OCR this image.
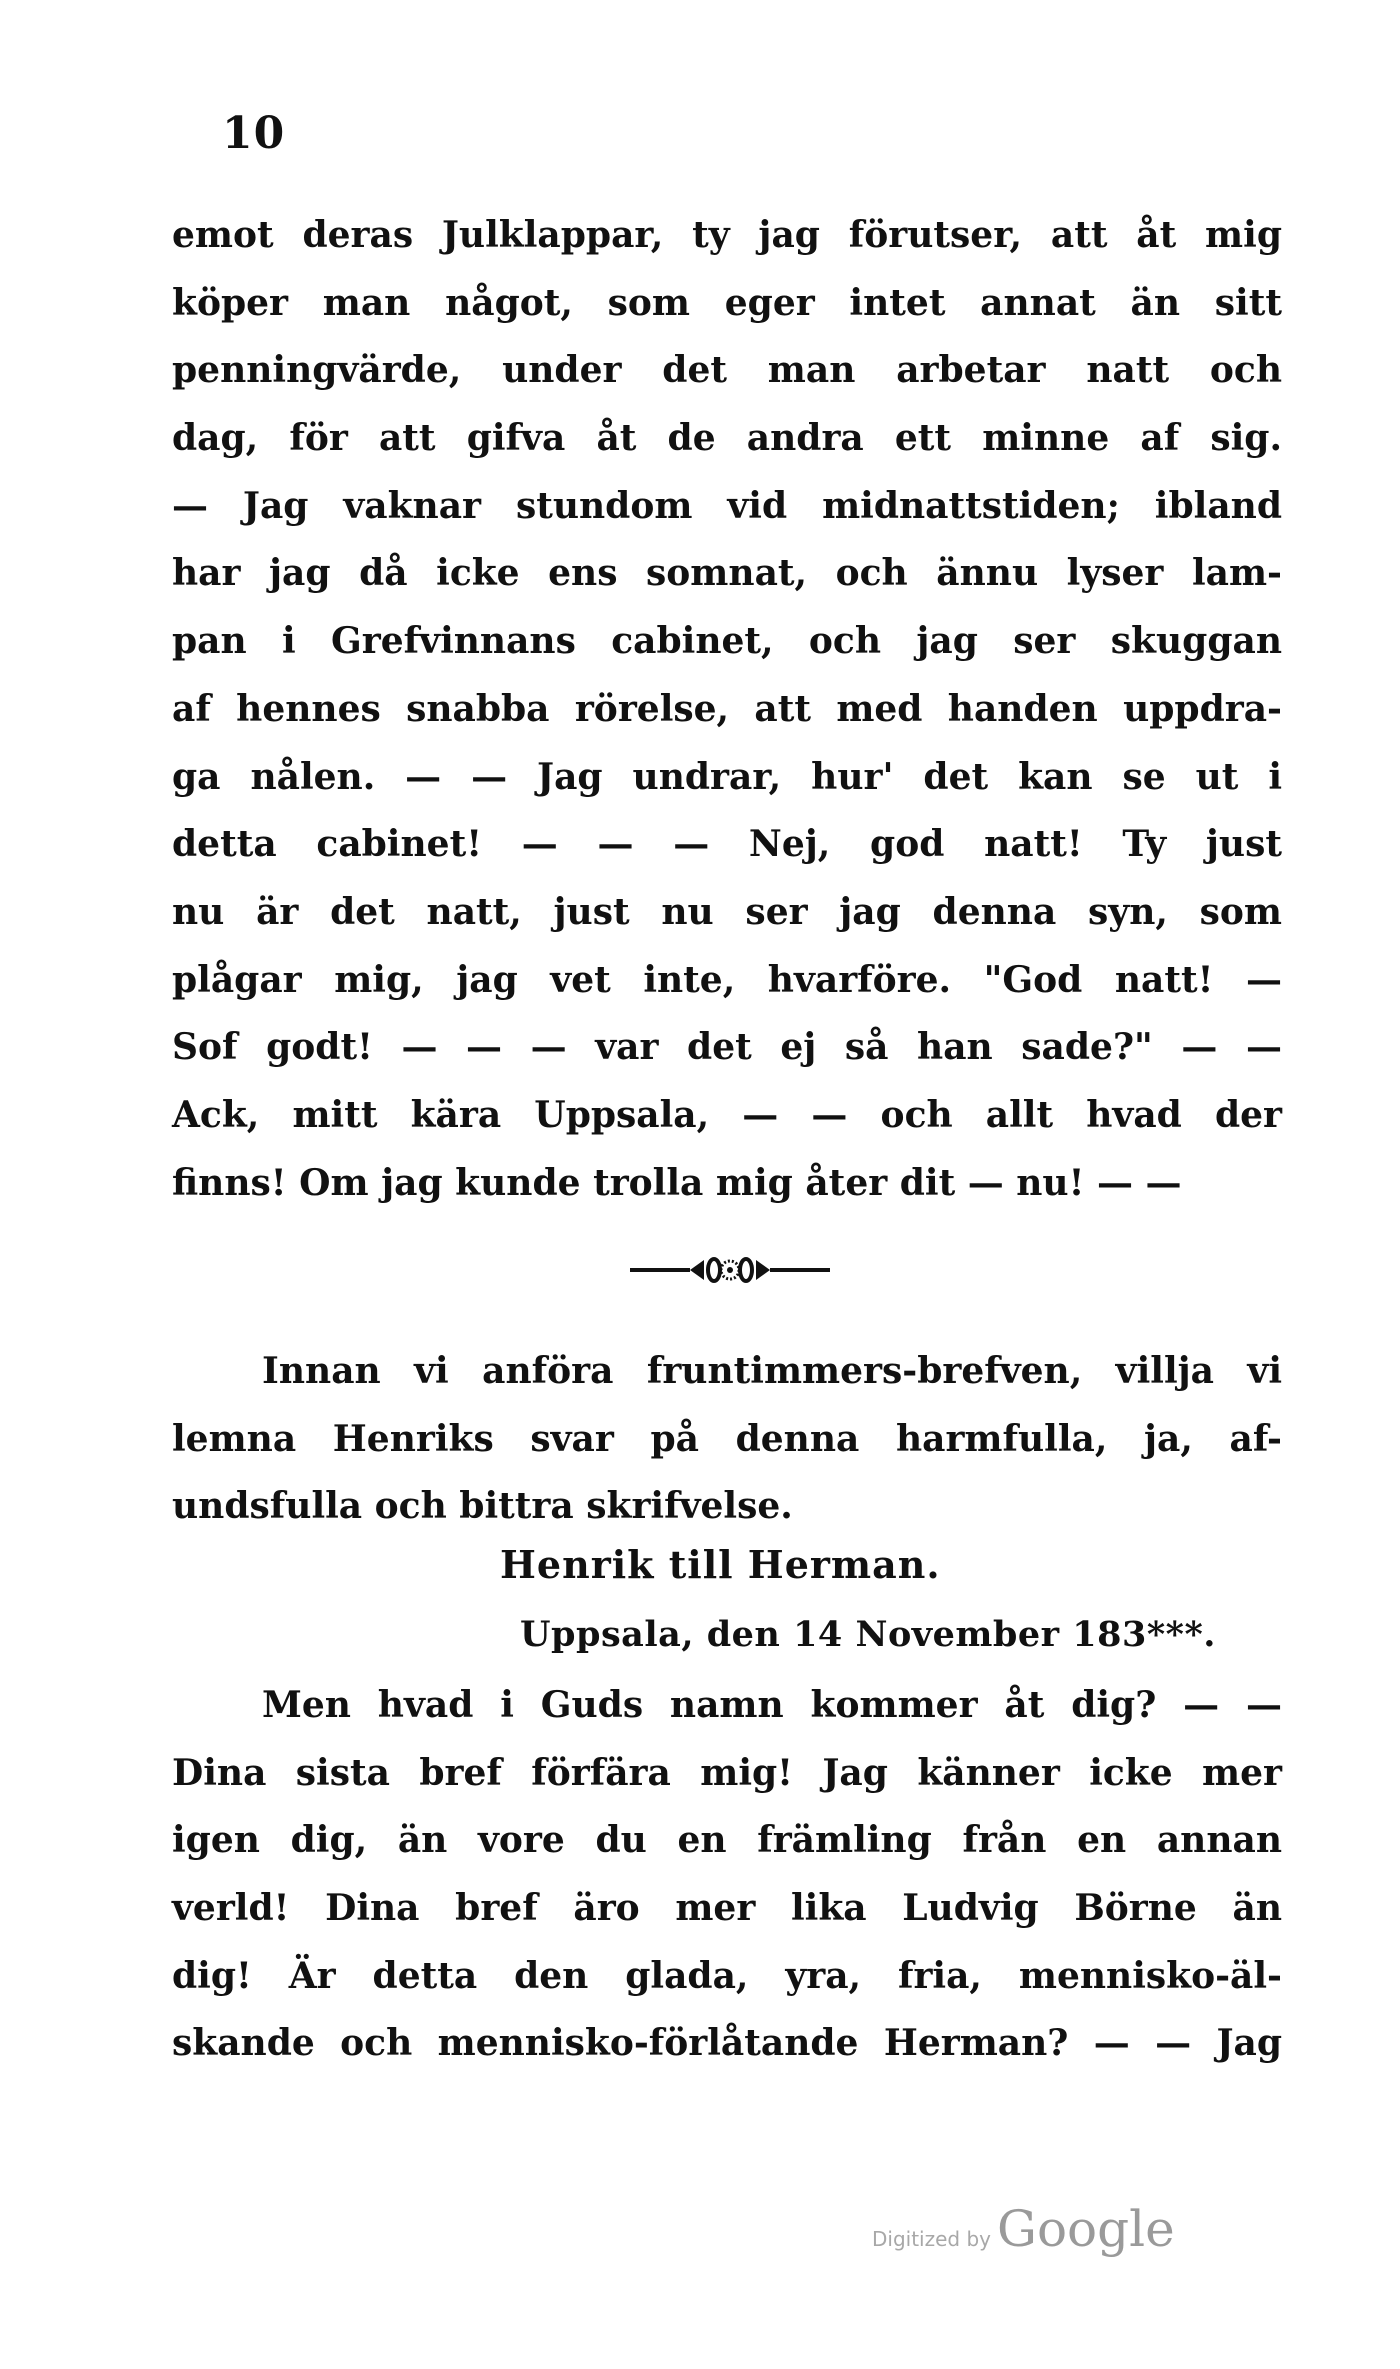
10
emot deras Julklappar, ty jag förutser, att åt mig
köper man något, som eger intet annat än sitt
penningvärde, under det man arbetar natt och
dag, för att gifva åt de andra ett minne af sig.
— Jag vaknar stundom vid midnattstiden; ibland
har jag då icke ens somnat, och ännu lyser lam-
pan i Grefvinnans cabinet, och jag ser skuggan
af hennes snabba rörelse, att med handen uppdra-
ga nålen. — — Jag undrar, hur' det kan se ut i
detta cabinet! — — — Nej, god natt! Ty just
nu är det natt, just nu ser jag denna syn, som
plågar mig, jag vet inte, hvarföre. "God natt! —
Sof godt! — — — var det ej så han sade?" — —
Ack, mitt kära Uppsala, — — och allt hvad der
finns! Om jag kunde trolla mig åter dit — nu! — —
Innan vi anföra fruntimmers-brefven, villja vi
lemna Henriks svar på denna harmfulla, ja, af-
undsfulla och bittra skrifvelse.
Henrik till Herman.
Uppsala, den 14 November 183***.
Men hvad i Guds namn kommer åt dig? — —
Dina sista bref förfära mig! Jag känner icke mer
igen dig, än vore du en främling från en annan
verld! Dina bref äro mer lika Ludvig Börne än
dig! Är detta den glada, yra, fria, mennisko-äl-
skande och mennisko-förlåtande Herman? — — Jag
Digitized by Google
